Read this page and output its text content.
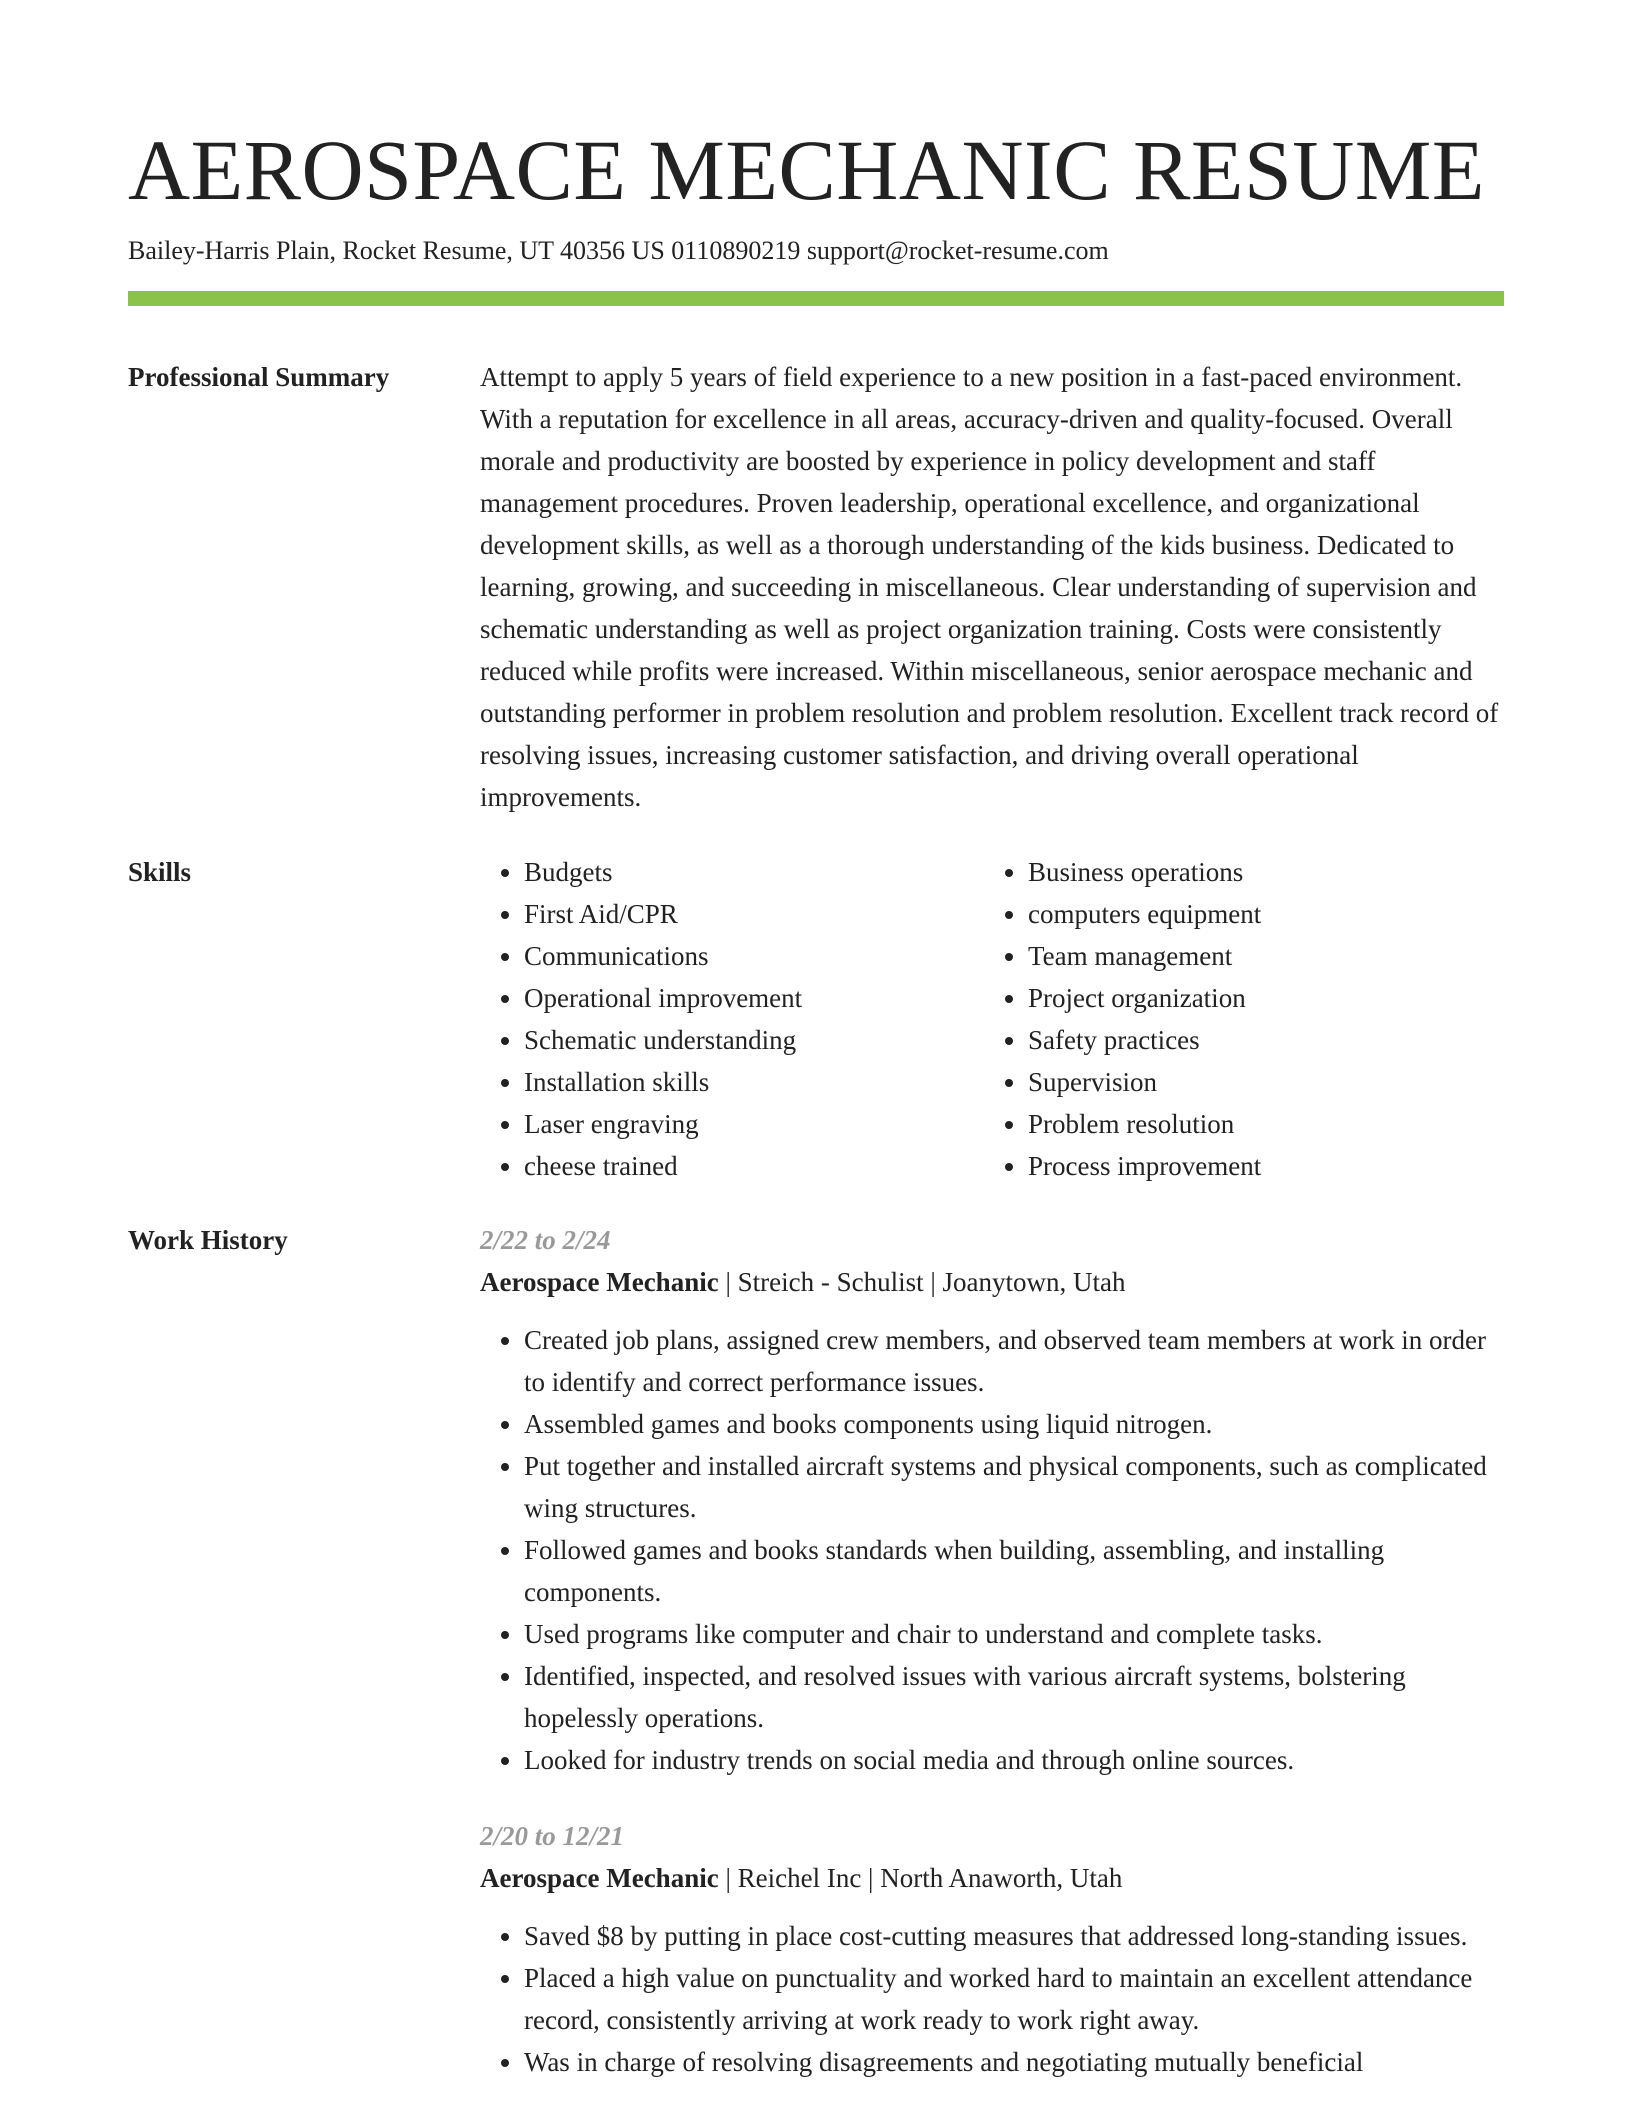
AEROSPACE MECHANIC RESUME
Bailey-Harris Plain, Rocket Resume, UT 40356 US 0110890219 support@rocket-resume.com
Professional Summary	Attempt to apply 5 years of field experience to a new position in a fast-paced environment. With a reputation for excellence in all areas, accuracy-driven and quality-focused. Overall morale and productivity are boosted by experience in policy development and staff management procedures. Proven leadership, operational excellence, and organizational development skills, as well as a thorough understanding of the kids business. Dedicated to learning, growing, and succeeding in miscellaneous. Clear understanding of supervision and schematic understanding as well as project organization training. Costs were consistently reduced while profits were increased. Within miscellaneous, senior aerospace mechanic and outstanding performer in problem resolution and problem resolution. Excellent track record of resolving issues, increasing customer satisfaction, and driving overall operational improvements.

Skills
•	Budgets
• First Aid/CPR
• Communications
• Operational improvement
• Schematic understanding
• Installation skills
• Laser engraving
• cheese trained
• Business operations
• computers equipment
• Team management
• Project organization
• Safety practices
• Supervision
• Problem resolution
• Process improvement
Work History	2/22 to 2/24
Aerospace Mechanic | Streich - Schulist | Joanytown, Utah
• Created job plans, assigned crew members, and observed team members at work in order to identify and correct performance issues.
• Assembled games and books components using liquid nitrogen.
• Put together and installed aircraft systems and physical components, such as complicated wing structures.
• Followed games and books standards when building, assembling, and installing components.
• Used programs like computer and chair to understand and complete tasks.
• Identified, inspected, and resolved issues with various aircraft systems, bolstering hopelessly operations.
• Looked for industry trends on social media and through online sources.
2/20 to 12/21
Aerospace Mechanic | Reichel Inc | North Anaworth, Utah
• Saved $8 by putting in place cost-cutting measures that addressed long-standing issues.
• Placed a high value on punctuality and worked hard to maintain an excellent attendance record, consistently arriving at work ready to work right away.
• Was in charge of resolving disagreements and negotiating mutually beneficial
